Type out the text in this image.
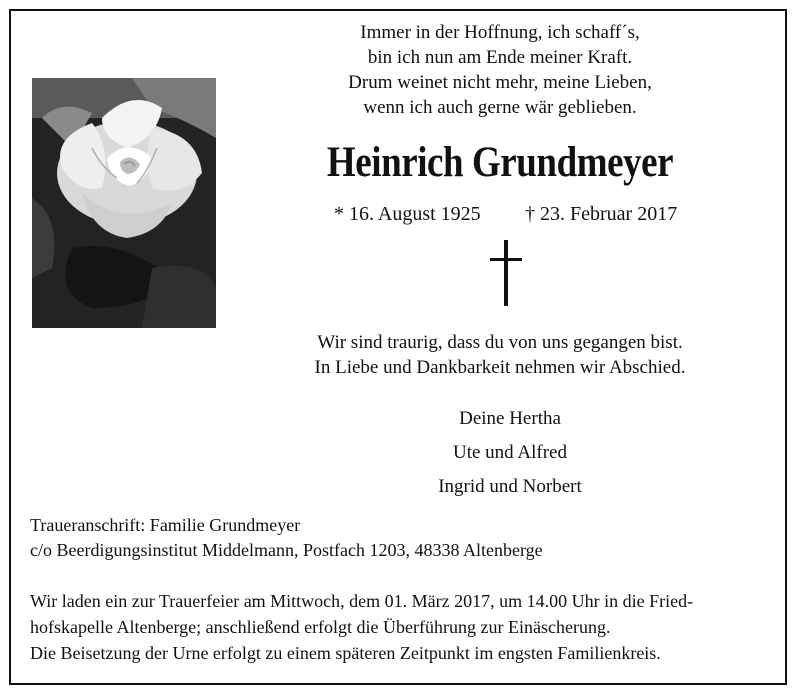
Immer in der Hoffnung, ich schaff´s,
bin ich nun am Ende meiner Kraft.
Drum weinet nicht mehr, meine Lieben,
wenn ich auch gerne wär geblieben.
Heinrich Grundmeyer
* 16. August 1925 † 23. Februar 2017
Wir sind traurig, dass du von uns gegangen bist.
In Liebe und Dankbarkeit nehmen wir Abschied.
Deine Hertha
Ute und Alfred
Ingrid und Norbert
Traueranschrift: Familie Grundmeyer
c/o Beerdigungsinstitut Middelmann, Postfach 1203, 48338 Altenberge
Wir laden ein zur Trauerfeier am Mittwoch, dem 01. März 2017, um 14.00 Uhr in die Fried-
hofskapelle Altenberge; anschließend erfolgt die Überführung zur Einäscherung.
Die Beisetzung der Urne erfolgt zu einem späteren Zeitpunkt im engsten Familienkreis.
